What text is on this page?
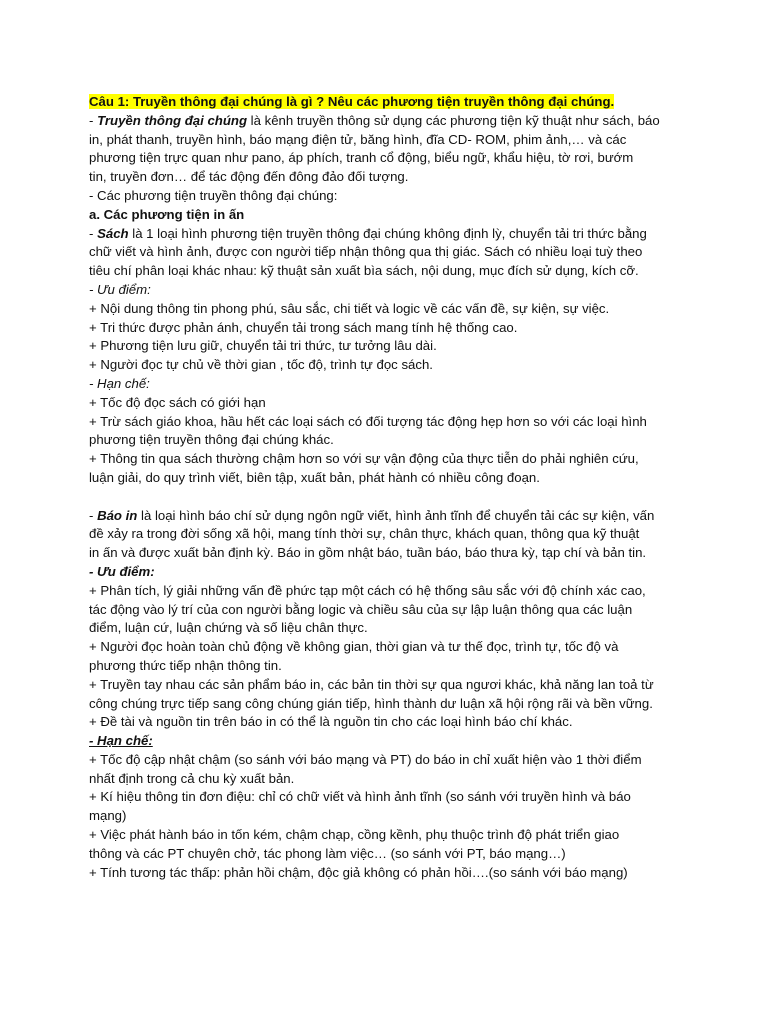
Câu 1: Truyền thông đại chúng là gì ? Nêu các phương tiện truyền thông đại chúng.
- Truyền thông đại chúng là kênh truyền thông sử dụng các phương tiện kỹ thuật như sách, báo
in, phát thanh, truyền hình, báo mạng điện tử, băng hình, đĩa CD- ROM, phim ảnh,… và các
phương tiện trực quan như pano, áp phích, tranh cổ động, biểu ngữ, khẩu hiệu, tờ rơi, bướm
tin, truyền đơn… để tác động đến đông đảo đối tượng.
- Các phương tiện truyền thông đại chúng:
a. Các phương tiện in ấn
- Sách là 1 loại hình phương tiện truyền thông đại chúng không định lỳ, chuyển tải tri thức bằng
chữ viết và hình ảnh, được con người tiếp nhận thông qua thị giác. Sách có nhiều loại tuỳ theo
tiêu chí phân loại khác nhau: kỹ thuật sản xuất bìa sách, nội dung, mục đích sử dụng, kích cỡ.
- Ưu điểm:
+ Nội dung thông tin phong phú, sâu sắc, chi tiết và logic về các vấn đề, sự kiện, sự việc.
+ Tri thức được phản ánh, chuyển tải trong sách mang tính hệ thống cao.
+ Phương tiện lưu giữ, chuyển tải tri thức, tư tưởng lâu dài.
+ Người đọc tự chủ về thời gian , tốc độ, trình tự đọc sách.
- Hạn chế:
+ Tốc độ đọc sách có giới hạn
+ Trừ sách giáo khoa, hầu hết các loại sách có đối tượng tác động hẹp hơn so với các loại hình
phương tiện truyền thông đại chúng khác.
+ Thông tin qua sách thường chậm hơn so với sự vận động của thực tiễn do phải nghiên cứu,
luận giải, do quy trình viết, biên tập, xuất bản, phát hành có nhiều công đoạn.
- Báo in là loại hình báo chí sử dụng ngôn ngữ viết, hình ảnh tĩnh để chuyển tải các sự kiện, vấn
đề xảy ra trong đời sống xã hội, mang tính thời sự, chân thực, khách quan, thông qua kỹ thuật
in ấn và được xuất bản định kỳ. Báo in gồm nhật báo, tuần báo, báo thưa kỳ, tạp chí và bản tin.
- Ưu điểm:
+ Phân tích, lý giải những vấn đề phức tạp một cách có hệ thống sâu sắc với độ chính xác cao,
tác động vào lý trí của con người bằng logic và chiều sâu của sự lập luận thông qua các luận
điểm, luận cứ, luận chứng và số liệu chân thực.
+ Người đọc hoàn toàn chủ động về không gian, thời gian và tư thế đọc, trình tự, tốc độ và
phương thức tiếp nhận thông tin.
+ Truyền tay nhau các sản phẩm báo in, các bản tin thời sự qua ngươi khác, khả năng lan toả từ
công chúng trực tiếp sang công chúng gián tiếp, hình thành dư luận xã hội rộng rãi và bền vững.
+ Đề tài và nguồn tin trên báo in có thể là nguồn tin cho các loại hình báo chí khác.
- Hạn chế:
+ Tốc độ cập nhật chậm (so sánh với báo mạng và PT) do báo in chỉ xuất hiện vào 1 thời điểm
nhất định trong cả chu kỳ xuất bản.
+ Kí hiệu thông tin đơn điệu: chỉ có chữ viết và hình ảnh tĩnh (so sánh với truyền hình và báo
mạng)
+ Việc phát hành báo in tốn kém, chậm chạp, cồng kềnh, phụ thuộc trình độ phát triển giao
thông và các PT chuyên chở, tác phong làm việc… (so sánh với PT, báo mạng…)
+ Tính tương tác thấp: phản hồi chậm, độc giả không có phản hồi….(so sánh với báo mạng)
